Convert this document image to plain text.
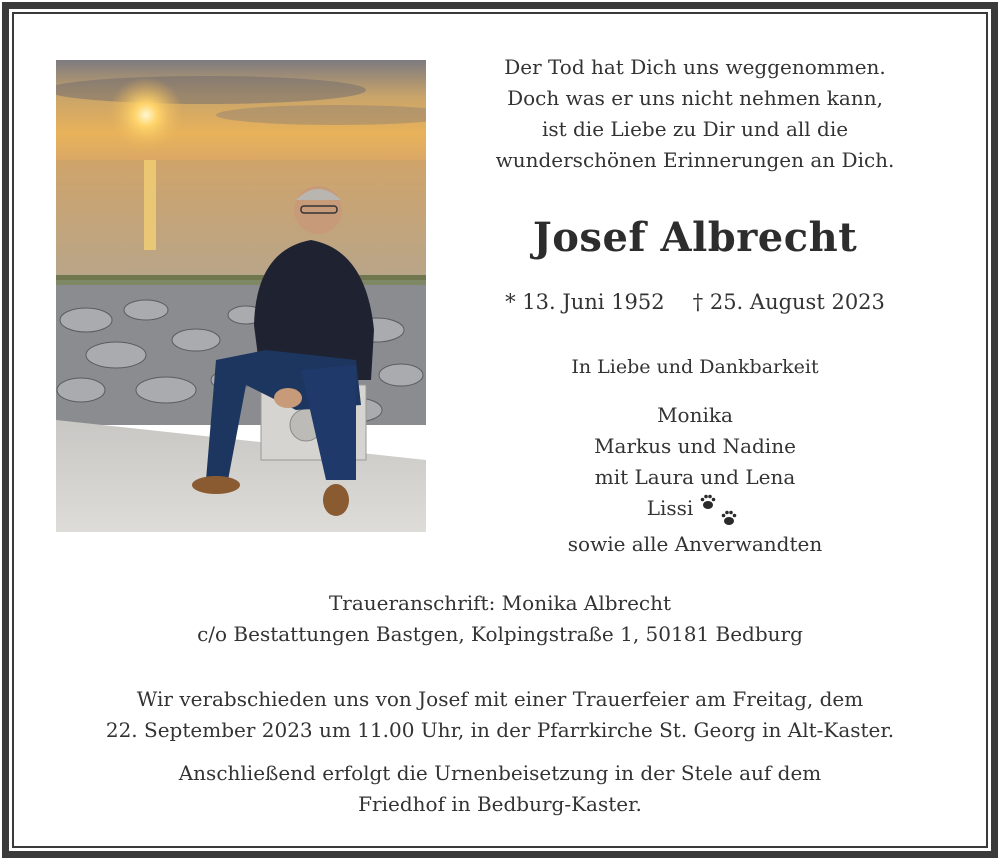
Der Tod hat Dich uns weggenommen.
Doch was er uns nicht nehmen kann,
ist die Liebe zu Dir und all die
wunderschönen Erinnerungen an Dich.
Josef Albrecht
* 13. Juni 1952 † 25. August 2023
In Liebe und Dankbarkeit
Monika
Markus und Nadine
mit Laura und Lena
Lissi
sowie alle Anverwandten
Traueranschrift: Monika Albrecht
c/o Bestattungen Bastgen, Kolpingstraße 1, 50181 Bedburg
Wir verabschieden uns von Josef mit einer Trauerfeier am Freitag, dem
22. September 2023 um 11.00 Uhr, in der Pfarrkirche St. Georg in Alt-Kaster.
Anschließend erfolgt die Urnenbeisetzung in der Stele auf dem
Friedhof in Bedburg-Kaster.
